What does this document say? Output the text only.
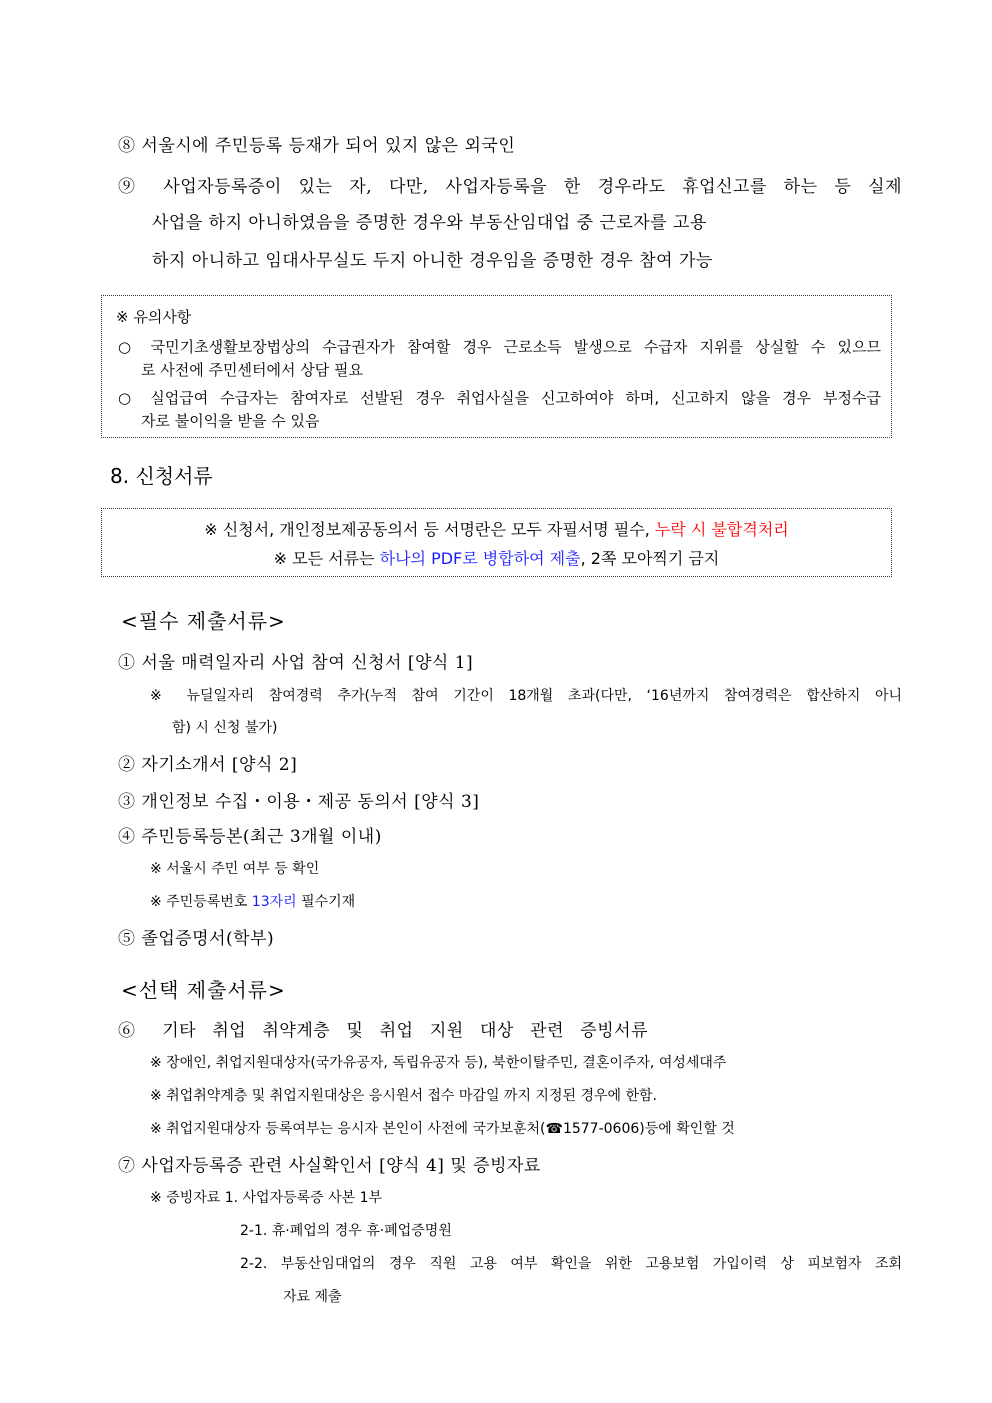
⑧ 서울시에 주민등록 등재가 되어 있지 않은 외국인
⑨ 사업자등록증이 있는 자, 다만, 사업자등록을 한 경우라도 휴업신고를 하는 등 실제
사업을 하지 아니하였음을 증명한 경우와 부동산임대업 중 근로자를 고용
하지 아니하고 임대사무실도 두지 아니한 경우임을 증명한 경우 참여 가능
※ 유의사항
○ 국민기초생활보장법상의 수급권자가 참여할 경우 근로소득 발생으로 수급자 지위를 상실할 수 있으므
로 사전에 주민센터에서 상담 필요
○ 실업급여 수급자는 참여자로 선발된 경우 취업사실을 신고하여야 하며, 신고하지 않을 경우 부정수급
자로 불이익을 받을 수 있음
8. 신청서류
※ 신청서, 개인정보제공동의서 등 서명란은 모두 자필서명 필수, 누락 시 불합격처리
※ 모든 서류는 하나의 PDF로 병합하여 제출, 2쪽 모아찍기 금지
<필수 제출서류>
① 서울 매력일자리 사업 참여 신청서 [양식 1]
※ 뉴딜일자리 참여경력 추가(누적 참여 기간이 18개월 초과(다만, ‘16년까지 참여경력은 합산하지 아니
함) 시 신청 불가)
② 자기소개서 [양식 2]
③ 개인정보 수집・이용・제공 동의서 [양식 3]
④ 주민등록등본(최근 3개월 이내)
※ 서울시 주민 여부 등 확인
※ 주민등록번호 13자리 필수기재
⑤ 졸업증명서(학부)
<선택 제출서류>
⑥ 기타 취업 취약계층 및 취업 지원 대상 관련 증빙서류
※ 장애인, 취업지원대상자(국가유공자, 독립유공자 등), 북한이탈주민, 결혼이주자, 여성세대주
※ 취업취약계층 및 취업지원대상은 응시원서 접수 마감일 까지 지정된 경우에 한함.
※ 취업지원대상자 등록여부는 응시자 본인이 사전에 국가보훈처(☎1577-0606)등에 확인할 것
⑦ 사업자등록증 관련 사실확인서 [양식 4] 및 증빙자료
※ 증빙자료 1. 사업자등록증 사본 1부
2-1. 휴·폐업의 경우 휴·폐업증명원
2-2. 부동산임대업의 경우 직원 고용 여부 확인을 위한 고용보험 가입이력 상 피보험자 조회
자료 제출
